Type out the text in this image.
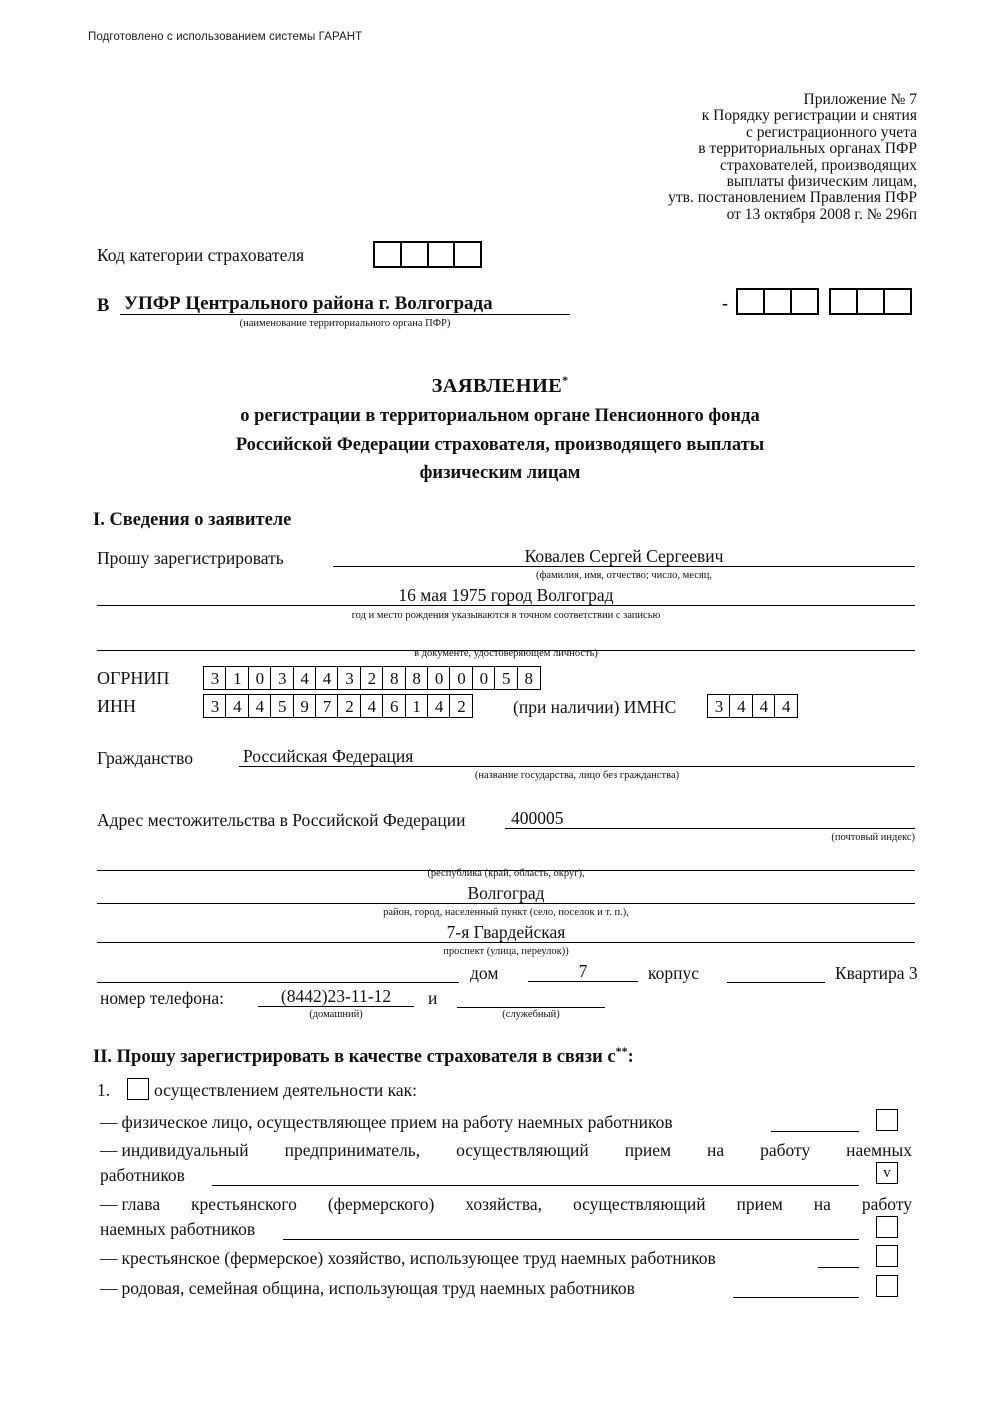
Подготовлено с использованием системы ГАРАНТ
Приложение № 7
к Порядку регистрации и снятия
с регистрационного учета
в территориальных органах ПФР
страхователей, производящих
выплаты физическим лицам,
утв. постановлением Правления ПФР
от 13 октября 2008 г. № 296п
Код категории страхователя
В УПФР Центрального района г. Волгограда
(наименование территориального органа ПФР)
-
ЗАЯВЛЕНИЕ*
о регистрации в территориальном органе Пенсионного фонда
Российской Федерации страхователя, производящего выплаты
физическим лицам
I. Сведения о заявителе
Прошу зарегистрировать	Ковалев Сергей Сергеевич
(фамилия, имя, отчество; число, месяц,
16 мая 1975 город Волгоград
год и место рождения указываются в точном соответствии с записью
в документе, удостоверяющем личность)
ОГРНИП	3 1 0 3 4 4 3 2 8 8 0 0 0 5 8
ИНН	3 4 4 5 9 7 2 4 6 1 4 2	(при наличии) ИМНС	3 4 4 4
Гражданство	Российская Федерация
(название государства, лицо без гражданства)
Адрес местожительства в Российской Федерации	400005
(почтовый индекс)
(республика (край, область, округ),
Волгоград
район, город, населенный пункт (село, поселок и т. п.),
7-я Гвардейская
проспект (улица, переулок))
дом	7	корпус	Квартира 3
номер телефона:	(8442)23-11-12
(домашний)
и
(служебный)
II. Прошу зарегистрировать в качестве страхователя в связи с**:
1.	осуществлением деятельности как:
— физическое лицо, осуществляющее прием на работу наемных работников
— индивидуальный предприниматель, осуществляющий прием на работу наемных
работников	v
— глава крестьянского (фермерского) хозяйства, осуществляющий прием на работу
наемных работников
— крестьянское (фермерское) хозяйство, использующее труд наемных работников
— родовая, семейная община, использующая труд наемных работников
